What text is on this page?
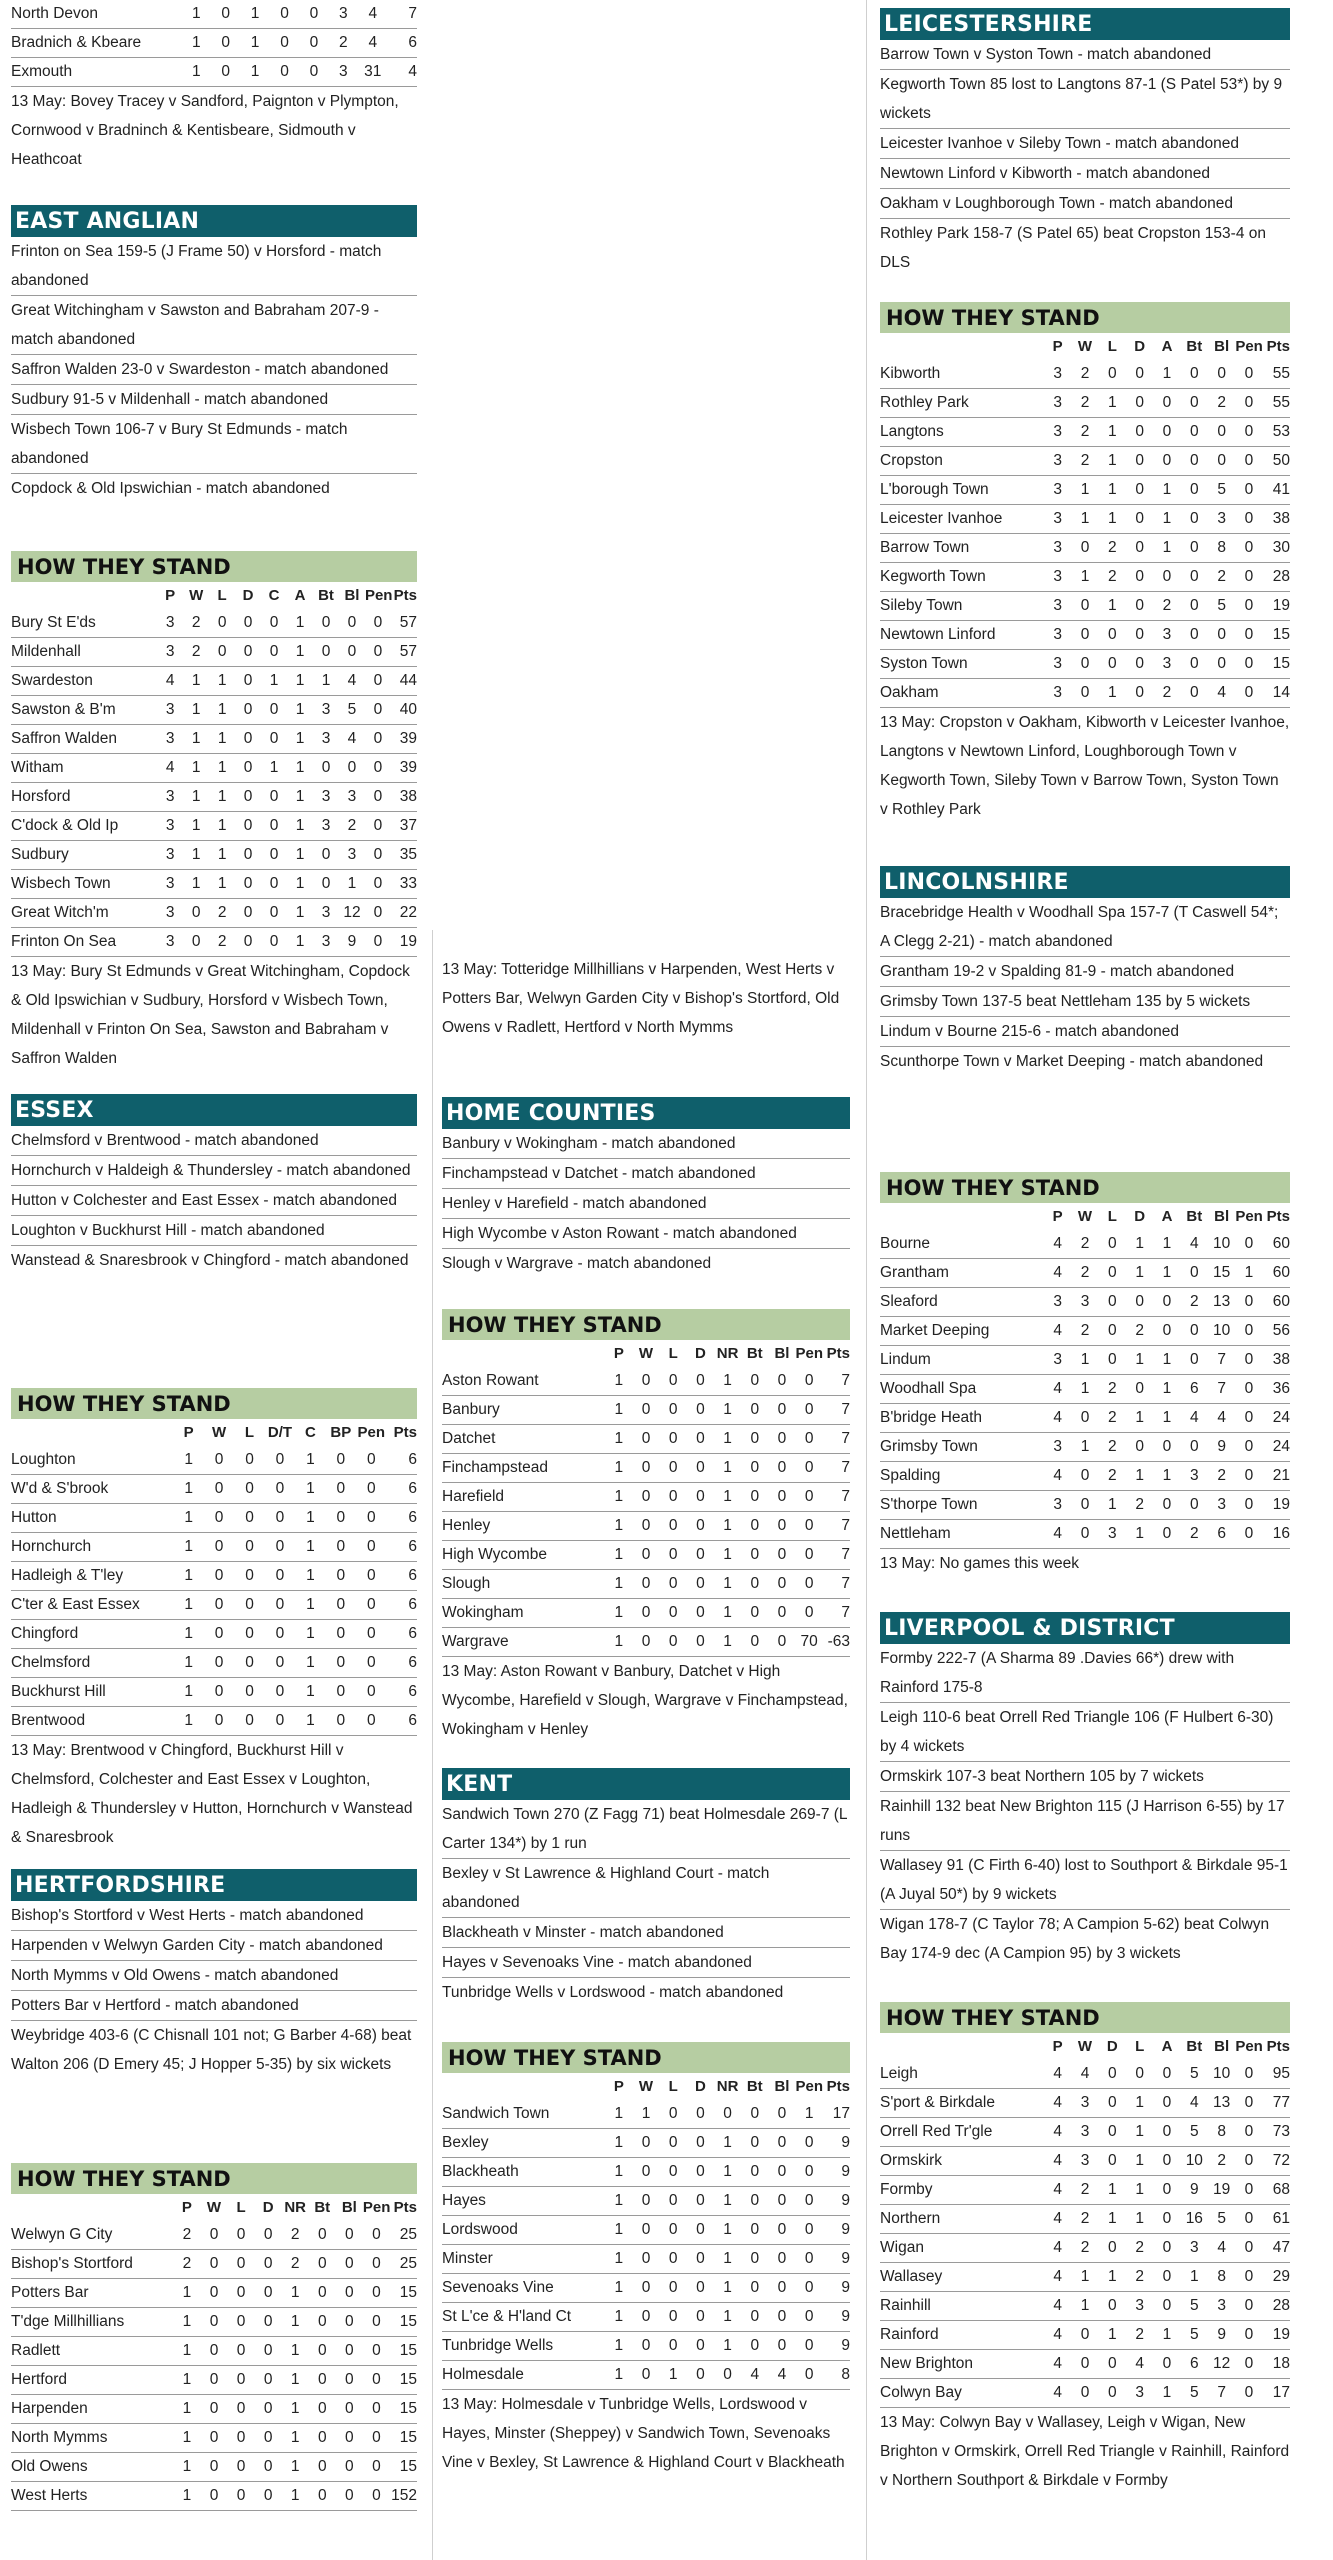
North Devon	1	0	1	0	0	3	4	7
Bradnich & Kbeare	1	0	1	0	0	2	4	6
Exmouth	1	0	1	0	0	3	31	4
13 May: Bovey Tracey v Sandford, Paignton v Plympton, Cornwood v Bradninch & Kentisbeare, Sidmouth v Heathcoat
EAST ANGLIAN
Frinton on Sea 159-5 (J Frame 50) v Horsford - match abandoned
Great Witchingham v Sawston and Babraham 207-9 - match abandoned
Saffron Walden 23-0 v Swardeston - match abandoned
Sudbury 91-5 v Mildenhall - match abandoned
Wisbech Town 106-7 v Bury St Edmunds - match abandoned
Copdock & Old Ipswichian - match abandoned
HOW THEY STAND
	P	W	L	D	C	A	Bt	Bl	Pen	Pts
Bury St E'ds	3	2	0	0	0	1	0	0	0	57
Mildenhall	3	2	0	0	0	1	0	0	0	57
Swardeston	4	1	1	0	1	1	1	4	0	44
Sawston & B'm	3	1	1	0	0	1	3	5	0	40
Saffron Walden	3	1	1	0	0	1	3	4	0	39
Witham	4	1	1	0	1	1	0	0	0	39
Horsford	3	1	1	0	0	1	3	3	0	38
C'dock & Old Ip	3	1	1	0	0	1	3	2	0	37
Sudbury	3	1	1	0	0	1	0	3	0	35
Wisbech Town	3	1	1	0	0	1	0	1	0	33
Great Witch'm	3	0	2	0	0	1	3	12	0	22
Frinton On Sea	3	0	2	0	0	1	3	9	0	19
13 May: Bury St Edmunds v Great Witchingham, Copdock & Old Ipswichian v Sudbury, Horsford v Wisbech Town, Mildenhall v Frinton On Sea, Sawston and Babraham v Saffron Walden
ESSEX
Chelmsford v Brentwood - match abandoned
Hornchurch v Haldeigh & Thundersley - match abandoned
Hutton v Colchester and East Essex - match abandoned
Loughton v Buckhurst Hill - match abandoned
Wanstead & Snaresbrook v Chingford - match abandoned
HOW THEY STAND
	P	W	L	D/T	C	BP	Pen	Pts
Loughton	1	0	0	0	1	0	0	6
W'd & S'brook	1	0	0	0	1	0	0	6
Hutton	1	0	0	0	1	0	0	6
Hornchurch	1	0	0	0	1	0	0	6
Hadleigh & T'ley	1	0	0	0	1	0	0	6
C'ter & East Essex	1	0	0	0	1	0	0	6
Chingford	1	0	0	0	1	0	0	6
Chelmsford	1	0	0	0	1	0	0	6
Buckhurst Hill	1	0	0	0	1	0	0	6
Brentwood	1	0	0	0	1	0	0	6
13 May: Brentwood v Chingford, Buckhurst Hill v Chelmsford, Colchester and East Essex v Loughton, Hadleigh & Thundersley v Hutton, Hornchurch v Wanstead & Snaresbrook
HERTFORDSHIRE
Bishop's Stortford v West Herts - match abandoned
Harpenden v Welwyn Garden City - match abandoned
North Mymms v Old Owens - match abandoned
Potters Bar v Hertford - match abandoned
Weybridge 403-6 (C Chisnall 101 not; G Barber 4-68) beat Walton 206 (D Emery 45; J Hopper 5-35) by six wickets
HOW THEY STAND
	P	W	L	D	NR	Bt	Bl	Pen	Pts
Welwyn G City	2	0	0	0	2	0	0	0	25
Bishop's Stortford	2	0	0	0	2	0	0	0	25
Potters Bar	1	0	0	0	1	0	0	0	15
T'dge Millhillians	1	0	0	0	1	0	0	0	15
Radlett	1	0	0	0	1	0	0	0	15
Hertford	1	0	0	0	1	0	0	0	15
Harpenden	1	0	0	0	1	0	0	0	15
North Mymms	1	0	0	0	1	0	0	0	15
Old Owens	1	0	0	0	1	0	0	0	15
West Herts	1	0	0	0	1	0	0	0	152
13 May: Totteridge Millhillians v Harpenden, West Herts v Potters Bar, Welwyn Garden City v Bishop's Stortford, Old Owens v Radlett, Hertford v North Mymms
HOME COUNTIES
Banbury v Wokingham - match abandoned
Finchampstead v Datchet - match abandoned
Henley v Harefield - match abandoned
High Wycombe v Aston Rowant - match abandoned
Slough v Wargrave - match abandoned
HOW THEY STAND
	P	W	L	D	NR	Bt	Bl	Pen	Pts
Aston Rowant	1	0	0	0	1	0	0	0	7
Banbury	1	0	0	0	1	0	0	0	7
Datchet	1	0	0	0	1	0	0	0	7
Finchampstead	1	0	0	0	1	0	0	0	7
Harefield	1	0	0	0	1	0	0	0	7
Henley	1	0	0	0	1	0	0	0	7
High Wycombe	1	0	0	0	1	0	0	0	7
Slough	1	0	0	0	1	0	0	0	7
Wokingham	1	0	0	0	1	0	0	0	7
Wargrave	1	0	0	0	1	0	0	70	-63
13 May: Aston Rowant v Banbury, Datchet v High Wycombe, Harefield v Slough, Wargrave v Finchampstead, Wokingham v Henley
KENT
Sandwich Town 270 (Z Fagg 71) beat Holmesdale 269-7 (L Carter 134*) by 1 run
Bexley v St Lawrence & Highland Court - match abandoned
Blackheath v Minster - match abandoned
Hayes v Sevenoaks Vine - match abandoned
Tunbridge Wells v Lordswood - match abandoned
HOW THEY STAND
	P	W	L	D	NR	Bt	Bl	Pen	Pts
Sandwich Town	1	1	0	0	0	0	0	1	17
Bexley	1	0	0	0	1	0	0	0	9
Blackheath	1	0	0	0	1	0	0	0	9
Hayes	1	0	0	0	1	0	0	0	9
Lordswood	1	0	0	0	1	0	0	0	9
Minster	1	0	0	0	1	0	0	0	9
Sevenoaks Vine	1	0	0	0	1	0	0	0	9
St L'ce & H'land Ct	1	0	0	0	1	0	0	0	9
Tunbridge Wells	1	0	0	0	1	0	0	0	9
Holmesdale	1	0	1	0	0	4	4	0	8
13 May: Holmesdale v Tunbridge Wells, Lordswood v Hayes, Minster (Sheppey) v Sandwich Town, Sevenoaks Vine v Bexley, St Lawrence & Highland Court v Blackheath
LEICESTERSHIRE
Barrow Town v Syston Town - match abandoned
Kegworth Town 85 lost to Langtons 87-1 (S Patel 53*) by 9 wickets
Leicester Ivanhoe v Sileby Town - match abandoned
Newtown Linford v Kibworth - match abandoned
Oakham v Loughborough Town - match abandoned
Rothley Park 158-7 (S Patel 65) beat Cropston 153-4 on DLS
HOW THEY STAND
	P	W	L	D	A	Bt	Bl	Pen	Pts
Kibworth	3	2	0	0	1	0	0	0	55
Rothley Park	3	2	1	0	0	0	2	0	55
Langtons	3	2	1	0	0	0	0	0	53
Cropston	3	2	1	0	0	0	0	0	50
L'borough Town	3	1	1	0	1	0	5	0	41
Leicester Ivanhoe	3	1	1	0	1	0	3	0	38
Barrow Town	3	0	2	0	1	0	8	0	30
Kegworth Town	3	1	2	0	0	0	2	0	28
Sileby Town	3	0	1	0	2	0	5	0	19
Newtown Linford	3	0	0	0	3	0	0	0	15
Syston Town	3	0	0	0	3	0	0	0	15
Oakham	3	0	1	0	2	0	4	0	14
13 May: Cropston v Oakham, Kibworth v Leicester Ivanhoe, Langtons v Newtown Linford, Loughborough Town v Kegworth Town, Sileby Town v Barrow Town, Syston Town v Rothley Park
LINCOLNSHIRE
Bracebridge Health v Woodhall Spa 157-7 (T Caswell 54*; A Clegg 2-21) - match abandoned
Grantham 19-2 v Spalding 81-9 - match abandoned
Grimsby Town 137-5 beat Nettleham 135 by 5 wickets
Lindum v Bourne 215-6 - match abandoned
Scunthorpe Town v Market Deeping - match abandoned
HOW THEY STAND
	P	W	L	D	A	Bt	Bl	Pen	Pts
Bourne	4	2	0	1	1	4	10	0	60
Grantham	4	2	0	1	1	0	15	1	60
Sleaford	3	3	0	0	0	2	13	0	60
Market Deeping	4	2	0	2	0	0	10	0	56
Lindum	3	1	0	1	1	0	7	0	38
Woodhall Spa	4	1	2	0	1	6	7	0	36
B'bridge Heath	4	0	2	1	1	4	4	0	24
Grimsby Town	3	1	2	0	0	0	9	0	24
Spalding	4	0	2	1	1	3	2	0	21
S'thorpe Town	3	0	1	2	0	0	3	0	19
Nettleham	4	0	3	1	0	2	6	0	16
13 May: No games this week
LIVERPOOL & DISTRICT
Formby 222-7 (A Sharma 89 .Davies 66*) drew with Rainford 175-8
Leigh 110-6 beat Orrell Red Triangle 106 (F Hulbert 6-30) by 4 wickets
Ormskirk 107-3 beat Northern 105 by 7 wickets
Rainhill 132 beat New Brighton 115 (J Harrison 6-55) by 17 runs
Wallasey 91 (C Firth 6-40) lost to Southport & Birkdale 95-1 (A Juyal 50*) by 9 wickets
Wigan 178-7 (C Taylor 78; A Campion 5-62) beat Colwyn Bay 174-9 dec (A Campion 95) by 3 wickets
HOW THEY STAND
	P	W	D	L	A	Bt	Bl	Pen	Pts
Leigh	4	4	0	0	0	5	10	0	95
S'port & Birkdale	4	3	0	1	0	4	13	0	77
Orrell Red Tr'gle	4	3	0	1	0	5	8	0	73
Ormskirk	4	3	0	1	0	10	2	0	72
Formby	4	2	1	1	0	9	19	0	68
Northern	4	2	1	1	0	16	5	0	61
Wigan	4	2	0	2	0	3	4	0	47
Wallasey	4	1	1	2	0	1	8	0	29
Rainhill	4	1	0	3	0	5	3	0	28
Rainford	4	0	1	2	1	5	9	0	19
New Brighton	4	0	0	4	0	6	12	0	18
Colwyn Bay	4	0	0	3	1	5	7	0	17
13 May: Colwyn Bay v Wallasey, Leigh v Wigan, New Brighton v Ormskirk, Orrell Red Triangle v Rainhill, Rainford v Northern Southport & Birkdale v Formby
